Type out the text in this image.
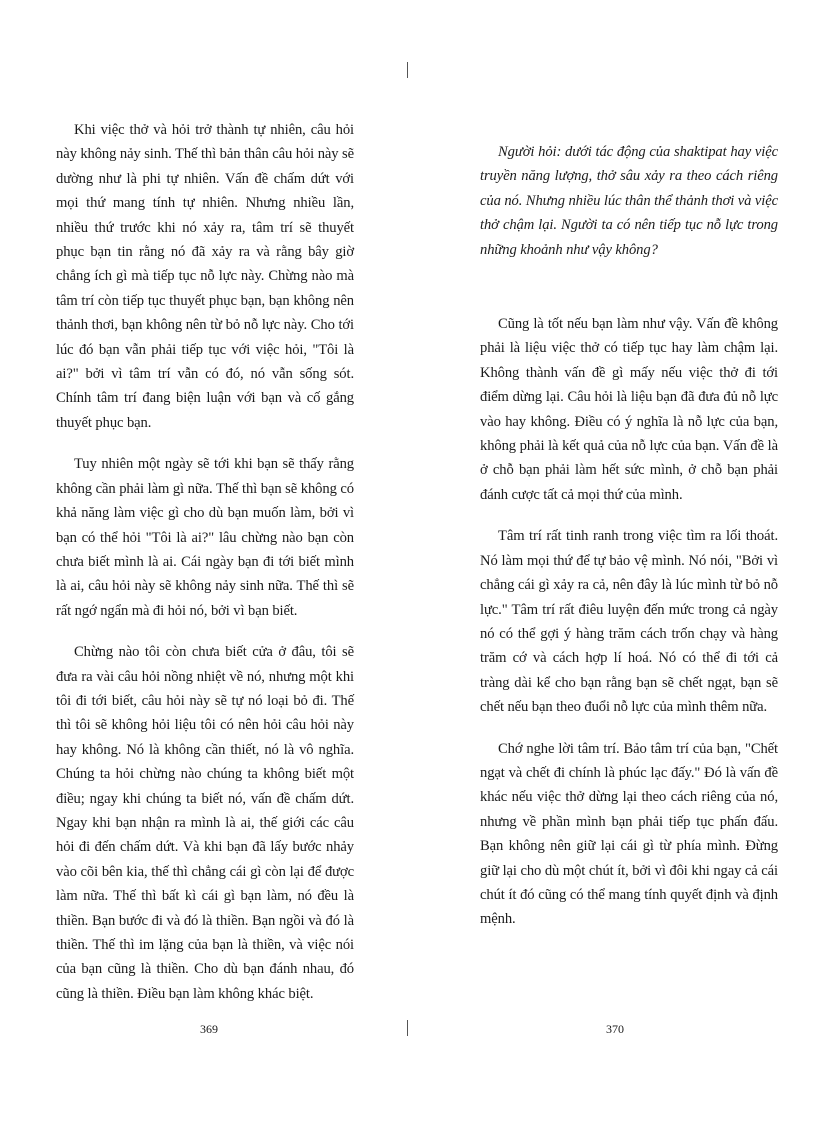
Khi việc thở và hỏi trở thành tự nhiên, câu hỏi này không nảy sinh. Thế thì bản thân câu hỏi này sẽ dường như là phi tự nhiên. Vấn đề chấm dứt với mọi thứ mang tính tự nhiên. Nhưng nhiều lần, nhiều thứ trước khi nó xảy ra, tâm trí sẽ thuyết phục bạn tin rằng nó đã xảy ra và rằng bây giờ chẳng ích gì mà tiếp tục nỗ lực này. Chừng nào mà tâm trí còn tiếp tục thuyết phục bạn, bạn không nên thảnh thơi, bạn không nên từ bỏ nỗ lực này. Cho tới lúc đó bạn vẫn phải tiếp tục với việc hỏi, "Tôi là ai?" bởi vì tâm trí vẫn có đó, nó vẫn sống sót. Chính tâm trí đang biện luận với bạn và cố gắng thuyết phục bạn.

Tuy nhiên một ngày sẽ tới khi bạn sẽ thấy rằng không cần phải làm gì nữa. Thế thì bạn sẽ không có khả năng làm việc gì cho dù bạn muốn làm, bởi vì bạn có thể hỏi "Tôi là ai?" lâu chừng nào bạn còn chưa biết mình là ai. Cái ngày bạn đi tới biết mình là ai, câu hỏi này sẽ không nảy sinh nữa. Thế thì sẽ rất ngớ ngẩn mà đi hỏi nó, bởi vì bạn biết.

Chừng nào tôi còn chưa biết cửa ở đâu, tôi sẽ đưa ra vài câu hỏi nồng nhiệt về nó, nhưng một khi tôi đi tới biết, câu hỏi này sẽ tự nó loại bỏ đi. Thế thì tôi sẽ không hỏi liệu tôi có nên hỏi câu hỏi này hay không. Nó là không cần thiết, nó là vô nghĩa. Chúng ta hỏi chừng nào chúng ta không biết một điều; ngay khi chúng ta biết nó, vấn đề chấm dứt. Ngay khi bạn nhận ra mình là ai, thế giới các câu hỏi đi đến chấm dứt. Và khi bạn đã lấy bước nhảy vào cõi bên kia, thế thì chẳng cái gì còn lại để được làm nữa. Thế thì bất kì cái gì bạn làm, nó đều là thiền. Bạn bước đi và đó là thiền. Bạn ngồi và đó là thiền. Thế thì im lặng của bạn là thiền, và việc nói của bạn cũng là thiền. Cho dù bạn đánh nhau, đó cũng là thiền. Điều bạn làm không khác biệt.

Người hỏi: dưới tác động của shaktipat hay việc truyền năng lượng, thở sâu xảy ra theo cách riêng của nó. Nhưng nhiều lúc thân thể thảnh thơi và việc thở chậm lại. Người ta có nên tiếp tục nỗ lực trong những khoảnh như vậy không?

Cũng là tốt nếu bạn làm như vậy. Vấn đề không phải là liệu việc thở có tiếp tục hay làm chậm lại. Không thành vấn đề gì mấy nếu việc thở đi tới điểm dừng lại. Câu hỏi là liệu bạn đã đưa đủ nỗ lực vào hay không. Điều có ý nghĩa là nỗ lực của bạn, không phải là kết quả của nỗ lực của bạn. Vấn đề là ở chỗ bạn phải làm hết sức mình, ở chỗ bạn phải đánh cược tất cả mọi thứ của mình.

Tâm trí rất tinh ranh trong việc tìm ra lối thoát. Nó làm mọi thứ để tự bảo vệ mình. Nó nói, "Bởi vì chẳng cái gì xảy ra cả, nên đây là lúc mình từ bỏ nỗ lực." Tâm trí rất điêu luyện đến mức trong cả ngày nó có thể gợi ý hàng trăm cách trốn chạy và hàng trăm cớ và cách hợp lí hoá. Nó có thể đi tới cả tràng dài kể cho bạn rằng bạn sẽ chết ngạt, bạn sẽ chết nếu bạn theo đuổi nỗ lực của mình thêm nữa.

Chớ nghe lời tâm trí. Bảo tâm trí của bạn, "Chết ngạt và chết đi chính là phúc lạc đấy." Đó là vấn đề khác nếu việc thở dừng lại theo cách riêng của nó, nhưng về phần mình bạn phải tiếp tục phấn đấu. Bạn không nên giữ lại cái gì từ phía mình. Đừng giữ lại cho dù một chút ít, bởi vì đôi khi ngay cả cái chút ít đó cũng có thể mang tính quyết định và định mệnh.

369	370
